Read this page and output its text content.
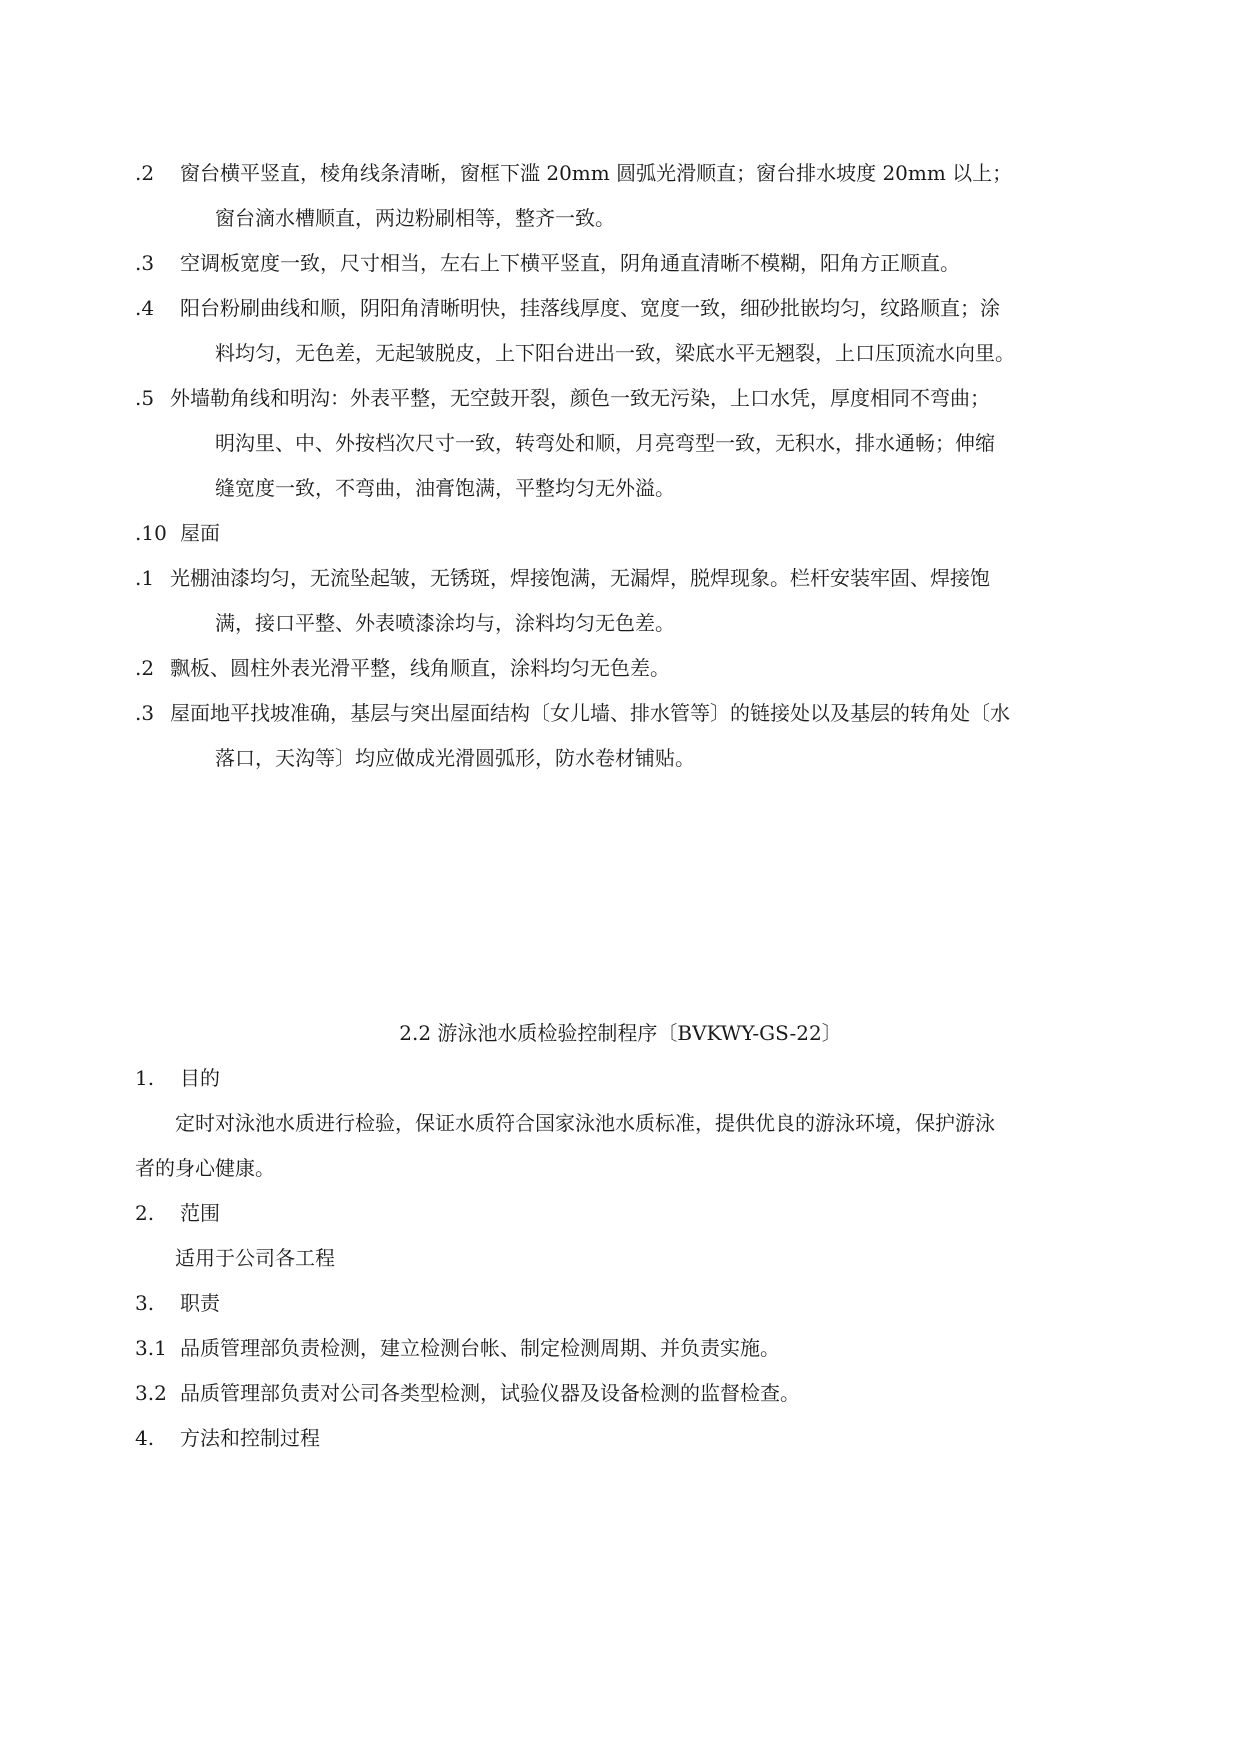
.2 窗台横平竖直，棱角线条清晰，窗框下滥 20mm 圆弧光滑顺直；窗台排水坡度 20mm 以上；
窗台滴水槽顺直，两边粉刷相等，整齐一致。
.3 空调板宽度一致，尺寸相当，左右上下横平竖直，阴角通直清晰不模糊，阳角方正顺直。
.4 阳台粉刷曲线和顺，阴阳角清晰明快，挂落线厚度、宽度一致，细砂批嵌均匀，纹路顺直；涂
料均匀，无色差，无起皱脱皮，上下阳台进出一致，梁底水平无翘裂，上口压顶流水向里。
.5 外墙勒角线和明沟：外表平整，无空鼓开裂，颜色一致无污染，上口水凭，厚度相同不弯曲；
明沟里、中、外按档次尺寸一致，转弯处和顺，月亮弯型一致，无积水，排水通畅；伸缩
缝宽度一致，不弯曲，油膏饱满，平整均匀无外溢。
.10 屋面
.1 光棚油漆均匀，无流坠起皱，无锈斑，焊接饱满，无漏焊，脱焊现象。栏杆安装牢固、焊接饱
满，接口平整、外表喷漆涂均与，涂料均匀无色差。
.2 飘板、圆柱外表光滑平整，线角顺直，涂料均匀无色差。
.3 屋面地平找坡准确，基层与突出屋面结构〔女儿墙、排水管等〕的链接处以及基层的转角处〔水
落口，天沟等〕均应做成光滑圆弧形，防水卷材铺贴。
2.2 游泳池水质检验控制程序〔BVKWY-GS-22〕
1. 目的
定时对泳池水质进行检验，保证水质符合国家泳池水质标准，提供优良的游泳环境，保护游泳
者的身心健康。
2. 范围
适用于公司各工程
3. 职责
3.1 品质管理部负责检测，建立检测台帐、制定检测周期、并负责实施。
3.2 品质管理部负责对公司各类型检测，试验仪器及设备检测的监督检查。
4. 方法和控制过程
